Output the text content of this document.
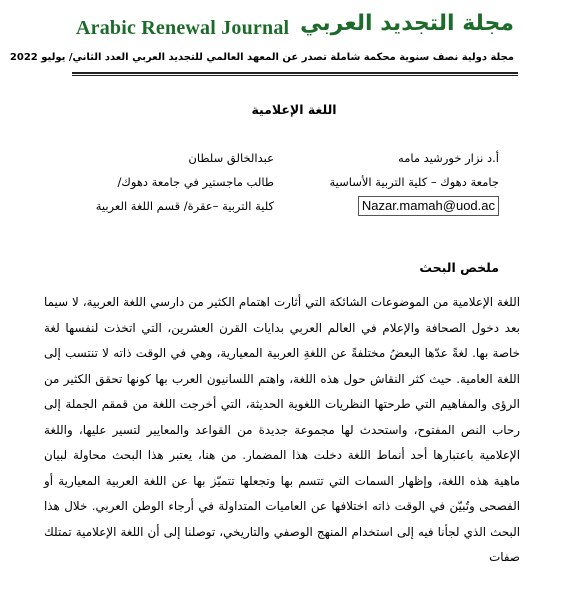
Arabic Renewal Journal مجلة التجديد العربي
مجلة دولية نصف سنوية محكمة شاملة تصدر عن المعهد العالمي للتجديد العربي العدد الثاني/ يوليو 2022
اللغة الإعلامية
أ.د نزار خورشيد مامه
جامعة دهوك – كلية التربية الأساسية
Nazar.mamah@uod.ac
عبدالخالق سلطان
طالب ماجستير في جامعة دهوك/
كلية التربية –عقرة/ قسم اللغة العربية
ملخص البحث

اللغة الإعلامية من الموضوعات الشائكة التي أثارت اهتمام الكثير من دارسي اللغة العربية، لا سيما بعد دخول الصحافة والإعلام في العالم العربي بدايات القرن العشرين، التي اتخذت لنفسها لغة خاصة بها. لغةً عدّها البعضُ مختلفةً عن اللغةِ العربية المعيارية، وهي في الوقت ذاته لا تنتسب إلى اللغة العامية. حيث كثر النقاش حول هذه اللغة، واهتم اللسانيون العرب بها كونها تحقق الكثير من الرؤى والمفاهيم التي طرحتها النظريات اللغوية الحديثة، التي أخرجت اللغة من قمقم الجملة إلى رحاب النص المفتوح، واستحدث لها مجموعة جديدة من القواعد والمعايير لتسير عليها، واللغة الإعلامية باعتبارها أحد أنماط اللغة دخلت هذا المضمار. من هنا، يعتبر هذا البحث محاولة لبيان ماهية هذه اللغة، وإظهار السمات التي تتسم بها وتجعلها تتميّز بها عن اللغة العربية المعيارية أو الفصحى وتُبيّن في الوقت ذاته اختلافها عن العاميات المتداولة في أرجاء الوطن العربي. خلال هذا البحث الذي لجأنا فيه إلى استخدام المنهج الوصفي والتاريخي، توصلنا إلى أن اللغة الإعلامية تمتلك صفات
